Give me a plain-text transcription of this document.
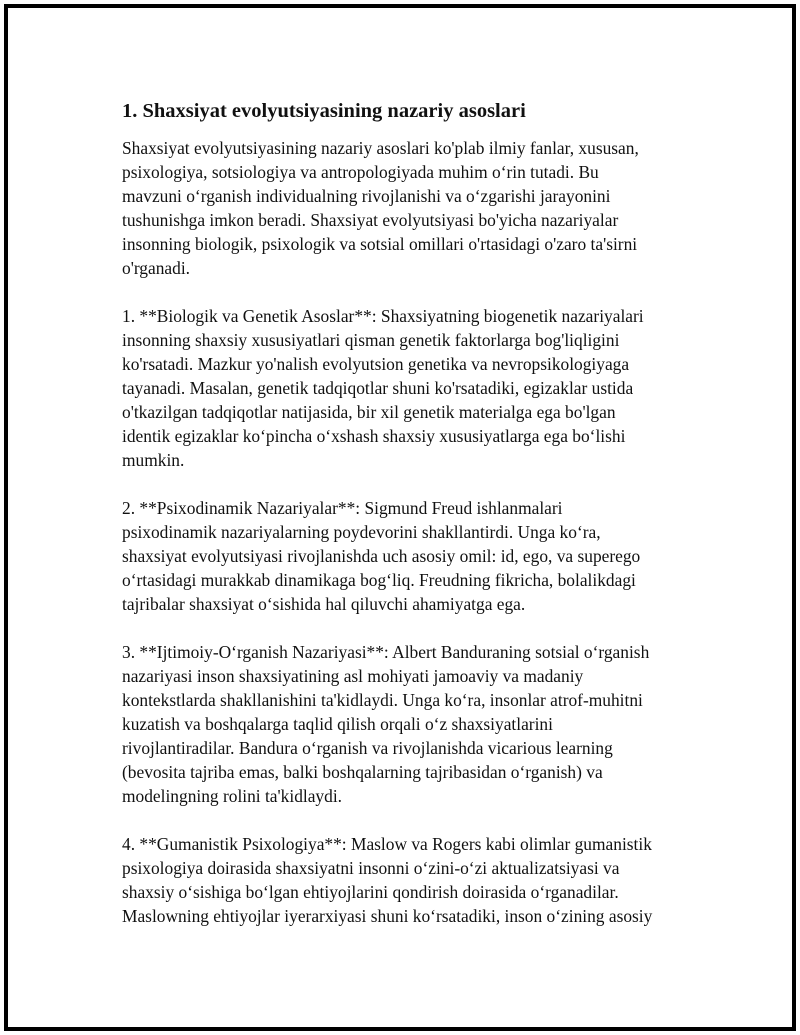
1. Shaxsiyat evolyutsiyasining nazariy asoslari
Shaxsiyat evolyutsiyasining nazariy asoslari ko'plab ilmiy fanlar, xususan,
psixologiya, sotsiologiya va antropologiyada muhim o‘rin tutadi. Bu
mavzuni o‘rganish individualning rivojlanishi va o‘zgarishi jarayonini
tushunishga imkon beradi. Shaxsiyat evolyutsiyasi bo'yicha nazariyalar
insonning biologik, psixologik va sotsial omillari o'rtasidagi o'zaro ta'sirni
o'rganadi.
1. **Biologik va Genetik Asoslar**: Shaxsiyatning biogenetik nazariyalari
insonning shaxsiy xususiyatlari qisman genetik faktorlarga bog'liqligini
ko'rsatadi. Mazkur yo'nalish evolyutsion genetika va nevropsikologiyaga
tayanadi. Masalan, genetik tadqiqotlar shuni ko'rsatadiki, egizaklar ustida
o'tkazilgan tadqiqotlar natijasida, bir xil genetik materialga ega bo'lgan
identik egizaklar ko‘pincha o‘xshash shaxsiy xususiyatlarga ega bo‘lishi
mumkin.
2. **Psixodinamik Nazariyalar**: Sigmund Freud ishlanmalari
psixodinamik nazariyalarning poydevorini shakllantirdi. Unga ko‘ra,
shaxsiyat evolyutsiyasi rivojlanishda uch asosiy omil: id, ego, va superego
o‘rtasidagi murakkab dinamikaga bog‘liq. Freudning fikricha, bolalikdagi
tajribalar shaxsiyat o‘sishida hal qiluvchi ahamiyatga ega.
3. **Ijtimoiy-O‘rganish Nazariyasi**: Albert Banduraning sotsial o‘rganish
nazariyasi inson shaxsiyatining asl mohiyati jamoaviy va madaniy
kontekstlarda shakllanishini ta'kidlaydi. Unga ko‘ra, insonlar atrof-muhitni
kuzatish va boshqalarga taqlid qilish orqali o‘z shaxsiyatlarini
rivojlantiradilar. Bandura o‘rganish va rivojlanishda vicarious learning
(bevosita tajriba emas, balki boshqalarning tajribasidan o‘rganish) va
modelingning rolini ta'kidlaydi.
4. **Gumanistik Psixologiya**: Maslow va Rogers kabi olimlar gumanistik
psixologiya doirasida shaxsiyatni insonni o‘zini-o‘zi aktualizatsiyasi va
shaxsiy o‘sishiga bo‘lgan ehtiyojlarini qondirish doirasida o‘rganadilar.
Maslowning ehtiyojlar iyerarxiyasi shuni ko‘rsatadiki, inson o‘zining asosiy
